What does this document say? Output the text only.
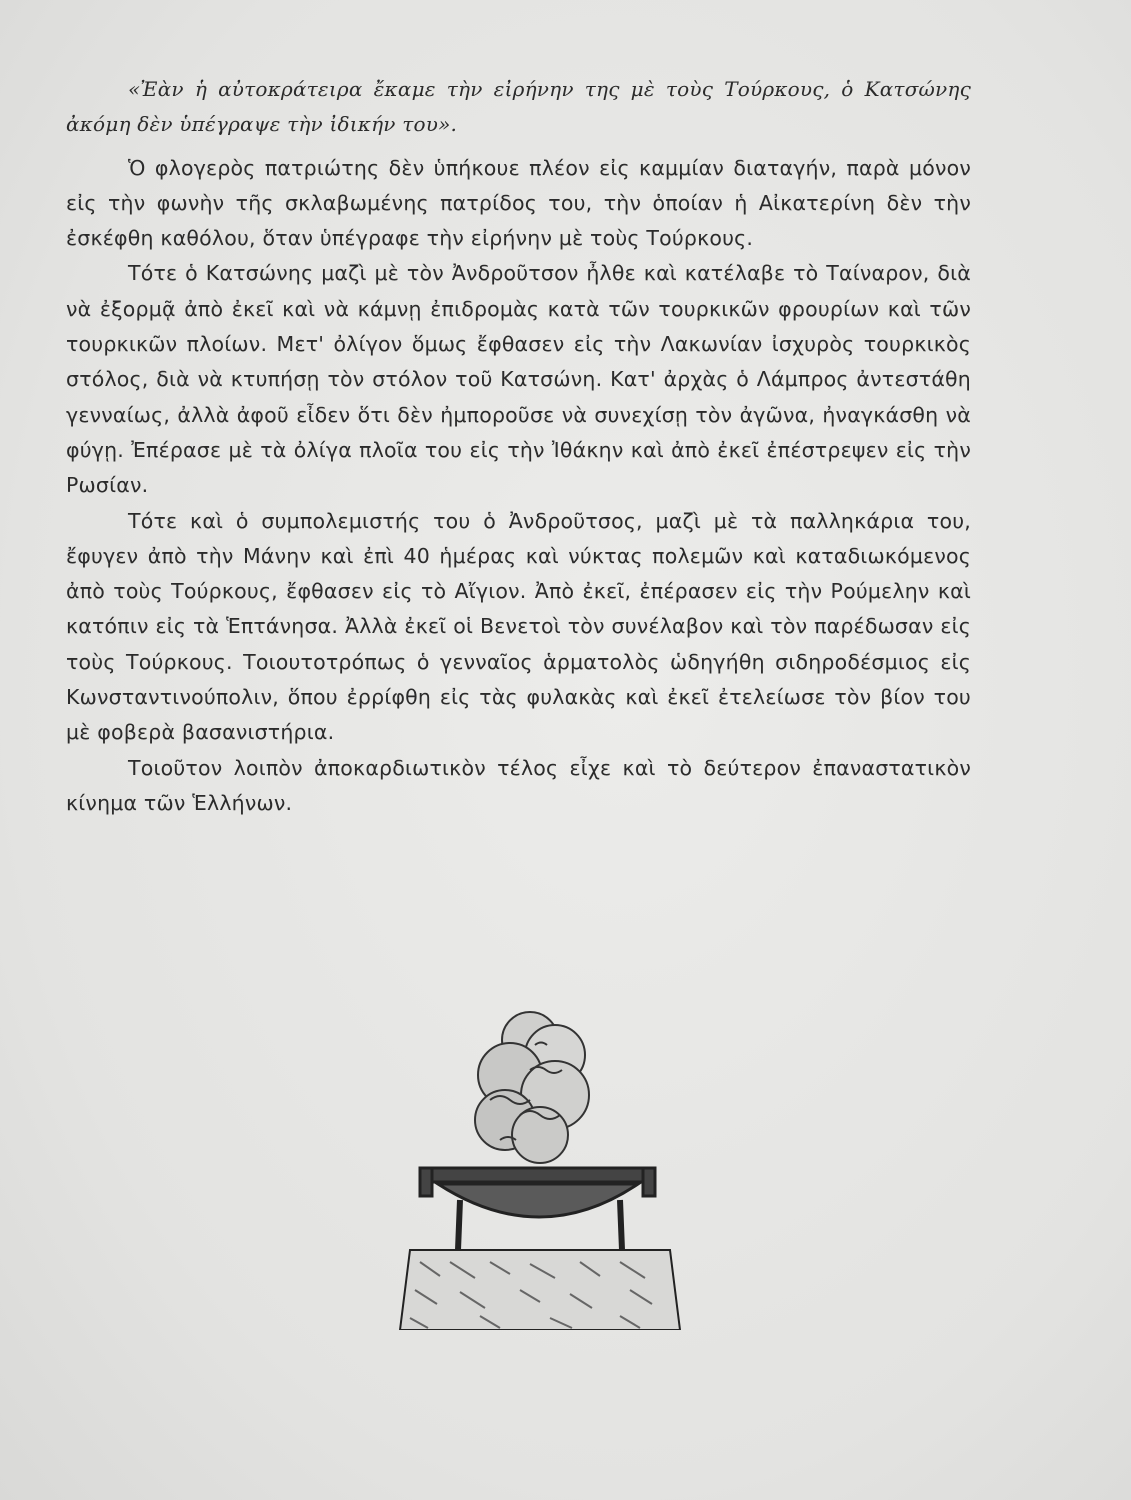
«Ἐὰν ἡ αὐτοκράτειρα ἔκαμε τὴν εἰρήνην της μὲ τοὺς Τούρκους, ὁ Κατσώνης ἀκόμη δὲν ὑπέγραψε τὴν ἰδικήν του».

Ὁ φλογερὸς πατριώτης δὲν ὑπήκουε πλέον εἰς καμμίαν διαταγήν, παρὰ μόνον εἰς τὴν φωνὴν τῆς σκλαβωμένης πατρίδος του, τὴν ὁποίαν ἡ Αἰκατερίνη δὲν τὴν ἐσκέφθη καθόλου, ὅταν ὑπέγραφε τὴν εἰρήνην μὲ τοὺς Τούρκους.

Τότε ὁ Κατσώνης μαζὶ μὲ τὸν Ἀνδροῦτσον ἦλθε καὶ κατέλαβε τὸ Ταίναρον, διὰ νὰ ἐξορμᾷ ἀπὸ ἐκεῖ καὶ νὰ κάμνῃ ἐπιδρομὰς κατὰ τῶν τουρκικῶν φρουρίων καὶ τῶν τουρκικῶν πλοίων. Μετ' ὀλίγον ὅμως ἔφθασεν εἰς τὴν Λακωνίαν ἰσχυρὸς τουρκικὸς στόλος, διὰ νὰ κτυπήσῃ τὸν στόλον τοῦ Κατσώνη. Κατ' ἀρχὰς ὁ Λάμπρος ἀντεστάθη γενναίως, ἀλλὰ ἀφοῦ εἶδεν ὅτι δὲν ἠμποροῦσε νὰ συνεχίσῃ τὸν ἀγῶνα, ἠναγκάσθη νὰ φύγῃ. Ἐπέρασε μὲ τὰ ὀλίγα πλοῖα του εἰς τὴν Ἰθάκην καὶ ἀπὸ ἐκεῖ ἐπέστρεψεν εἰς τὴν Ρωσίαν.

Τότε καὶ ὁ συμπολεμιστής του ὁ Ἀνδροῦτσος, μαζὶ μὲ τὰ παλληκάρια του, ἔφυγεν ἀπὸ τὴν Μάνην καὶ ἐπὶ 40 ἡμέρας καὶ νύκτας πολεμῶν καὶ καταδιωκόμενος ἀπὸ τοὺς Τούρκους, ἔφθασεν εἰς τὸ Αἴγιον. Ἀπὸ ἐκεῖ, ἐπέρασεν εἰς τὴν Ρούμελην καὶ κατόπιν εἰς τὰ Ἑπτάνησα. Ἀλλὰ ἐκεῖ οἱ Βενετοὶ τὸν συνέλαβον καὶ τὸν παρέδωσαν εἰς τοὺς Τούρκους. Τοιουτοτρόπως ὁ γενναῖος ἁρματολὸς ὡδηγήθη σιδηροδέσμιος εἰς Κωνσταντινούπολιν, ὅπου ἐρρίφθη εἰς τὰς φυλακὰς καὶ ἐκεῖ ἐτελείωσε τὸν βίον του μὲ φοβερὰ βασανιστήρια.

Τοιοῦτον λοιπὸν ἀποκαρδιωτικὸν τέλος εἶχε καὶ τὸ δεύτερον ἐπαναστατικὸν κίνημα τῶν Ἑλλήνων.
